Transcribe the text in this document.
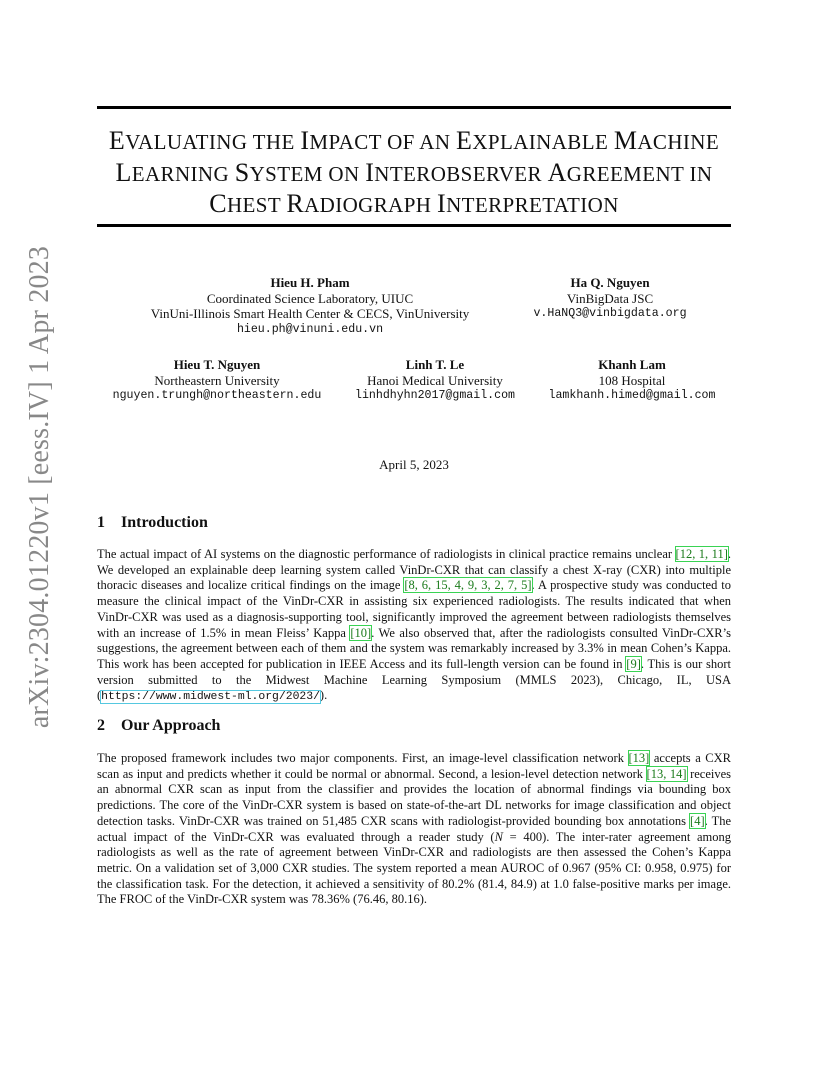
arXiv:2304.01220v1 [eess.IV] 1 Apr 2023
EVALUATING THE IMPACT OF AN EXPLAINABLE MACHINE
LEARNING SYSTEM ON INTEROBSERVER AGREEMENT IN
CHEST RADIOGRAPH INTERPRETATION
Hieu H. Pham
Coordinated Science Laboratory, UIUC
VinUni-Illinois Smart Health Center & CECS, VinUniversity
hieu.ph@vinuni.edu.vn
Ha Q. Nguyen
VinBigData JSC
v.HaNQ3@vinbigdata.org
Hieu T. Nguyen
Northeastern University
nguyen.trungh@northeastern.edu
Linh T. Le
Hanoi Medical University
linhdhyhn2017@gmail.com
Khanh Lam
108 Hospital
lamkhanh.himed@gmail.com
April 5, 2023
1 Introduction

The actual impact of AI systems on the diagnostic performance of radiologists in clinical practice remains unclear [12, 1, 11]. We developed an explainable deep learning system called VinDr-CXR that can classify a chest X-ray (CXR) into multiple thoracic diseases and localize critical findings on the image [8, 6, 15, 4, 9, 3, 2, 7, 5]. A prospective study was conducted to measure the clinical impact of the VinDr-CXR in assisting six experienced radiologists. The results indicated that when VinDr-CXR was used as a diagnosis-supporting tool, significantly improved the agreement between radiologists themselves with an increase of 1.5% in mean Fleiss’ Kappa [10]. We also observed that, after the radiologists consulted VinDr-CXR’s suggestions, the agreement between each of them and the system was remarkably increased by 3.3% in mean Cohen’s Kappa. This work has been accepted for publication in IEEE Access and its full-length version can be found in [9]. This is our short version submitted to the Midwest Machine Learning Symposium (MMLS 2023), Chicago, IL, USA (https://www.midwest-ml.org/2023/).

2 Our Approach

The proposed framework includes two major components. First, an image-level classification network [13] accepts a CXR scan as input and predicts whether it could be normal or abnormal. Second, a lesion-level detection network [13, 14] receives an abnormal CXR scan as input from the classifier and provides the location of abnormal findings via bounding box predictions. The core of the VinDr-CXR system is based on state-of-the-art DL networks for image classification and object detection tasks. VinDr-CXR was trained on 51,485 CXR scans with radiologist-provided bounding box annotations [4]. The actual impact of the VinDr-CXR was evaluated through a reader study (N = 400). The inter-rater agreement among radiologists as well as the rate of agreement between VinDr-CXR and radiologists are then assessed the Cohen’s Kappa metric. On a validation set of 3,000 CXR studies. The system reported a mean AUROC of 0.967 (95% CI: 0.958, 0.975) for the classification task. For the detection, it achieved a sensitivity of 80.2% (81.4, 84.9) at 1.0 false-positive marks per image. The FROC of the VinDr-CXR system was 78.36% (76.46, 80.16).
